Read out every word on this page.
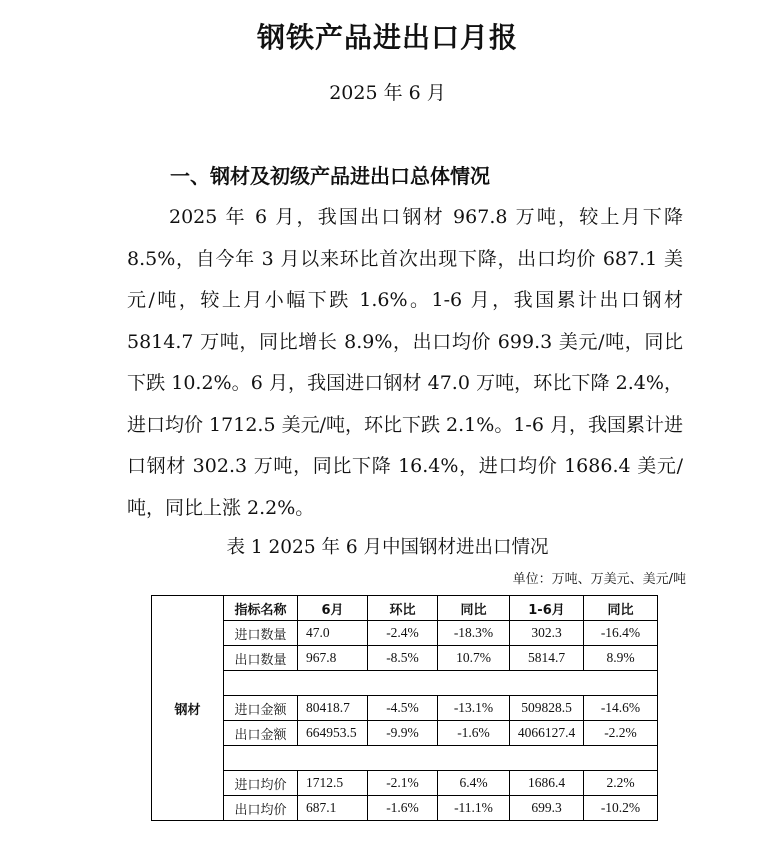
钢铁产品进出口月报
2025 年 6 月
一、钢材及初级产品进出口总体情况
2025 年 6 月，我国出口钢材 967.8 万吨，较上月下降 8.5%，自今年 3 月以来环比首次出现下降，出口均价 687.1 美元/吨，较上月小幅下跌 1.6%。1-6 月，我国累计出口钢材 5814.7 万吨，同比增长 8.9%，出口均价 699.3 美元/吨，同比下跌 10.2%。6 月，我国进口钢材 47.0 万吨，环比下降 2.4%，进口均价 1712.5 美元/吨，环比下跌 2.1%。1-6 月，我国累计进口钢材 302.3 万吨，同比下降 16.4%，进口均价 1686.4 美元/吨，同比上涨 2.2%。
表 1 2025 年 6 月中国钢材进出口情况
单位：万吨、万美元、美元/吨
钢材	指标名称	6月	环比	同比	1-6月	同比
	进口数量	47.0	-2.4%	-18.3%	302.3	-16.4%
	出口数量	967.8	-8.5%	10.7%	5814.7	8.9%

	进口金额	80418.7	-4.5%	-13.1%	509828.5	-14.6%
	出口金额	664953.5	-9.9%	-1.6%	4066127.4	-2.2%

	进口均价	1712.5	-2.1%	6.4%	1686.4	2.2%
	出口均价	687.1	-1.6%	-11.1%	699.3	-10.2%
